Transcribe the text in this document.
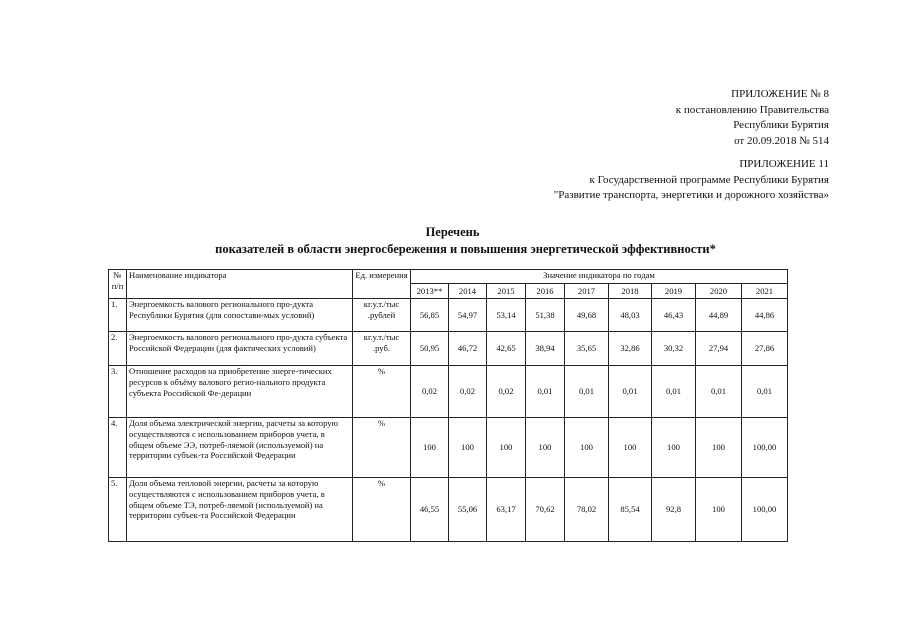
ПРИЛОЖЕНИЕ № 8
к постановлению Правительства
Республики Бурятия
от 20.09.2018 № 514
ПРИЛОЖЕНИЕ 11
к Государственной программе Республики Бурятия
"Развитие транспорта, энергетики и дорожного хозяйства»
Перечень
показателей в области энергосбережения и повышения энергетической эффективности*
№ п/п	Наименование индикатора	Ед. измерения	Значение индикатора по годам								
			2013**	2014	2015	2016	2017	2018	2019	2020	2021
1.	Энергоемкость валового регионального про-дукта Республики Бурятия (для сопостави-мых условий)	кг.у.т./тыс .рублей	56,85	54,97	53,14	51,38	49,68	48,03	46,43	44,89	44,86
2.	Энергоемкость валового регионального про-дукта субъекта Российской Федерации (для фактических условий)	кг.у.т./тыс .руб.	50,95	46,72	42,65	38,94	35,65	32,86	30,32	27,94	27,86
3.	Отношение расходов на приобретение энерге-тических ресурсов к объёму валового регио-нального продукта субъекта Российской Фе-дерации	%	0,02	0,02	0,02	0,01	0,01	0,01	0,01	0,01	0,01
4.	Доля объема электрической энергии, расчеты за которую осуществляются с использованием приборов учета, в общем объеме ЭЭ, потреб-ляемой (используемой) на территории субъек-та Российской Федерации	%	100	100	100	100	100	100	100	100	100,00
5.	Доля объема тепловой энергии, расчеты за которую осуществляются с использованием приборов учета, в общем объеме ТЭ, потреб-ляемой (используемой) на территории субъек-та Российской Федерации	%	46,55	55,06	63,17	70,62	78,02	85,54	92,8	100	100,00
